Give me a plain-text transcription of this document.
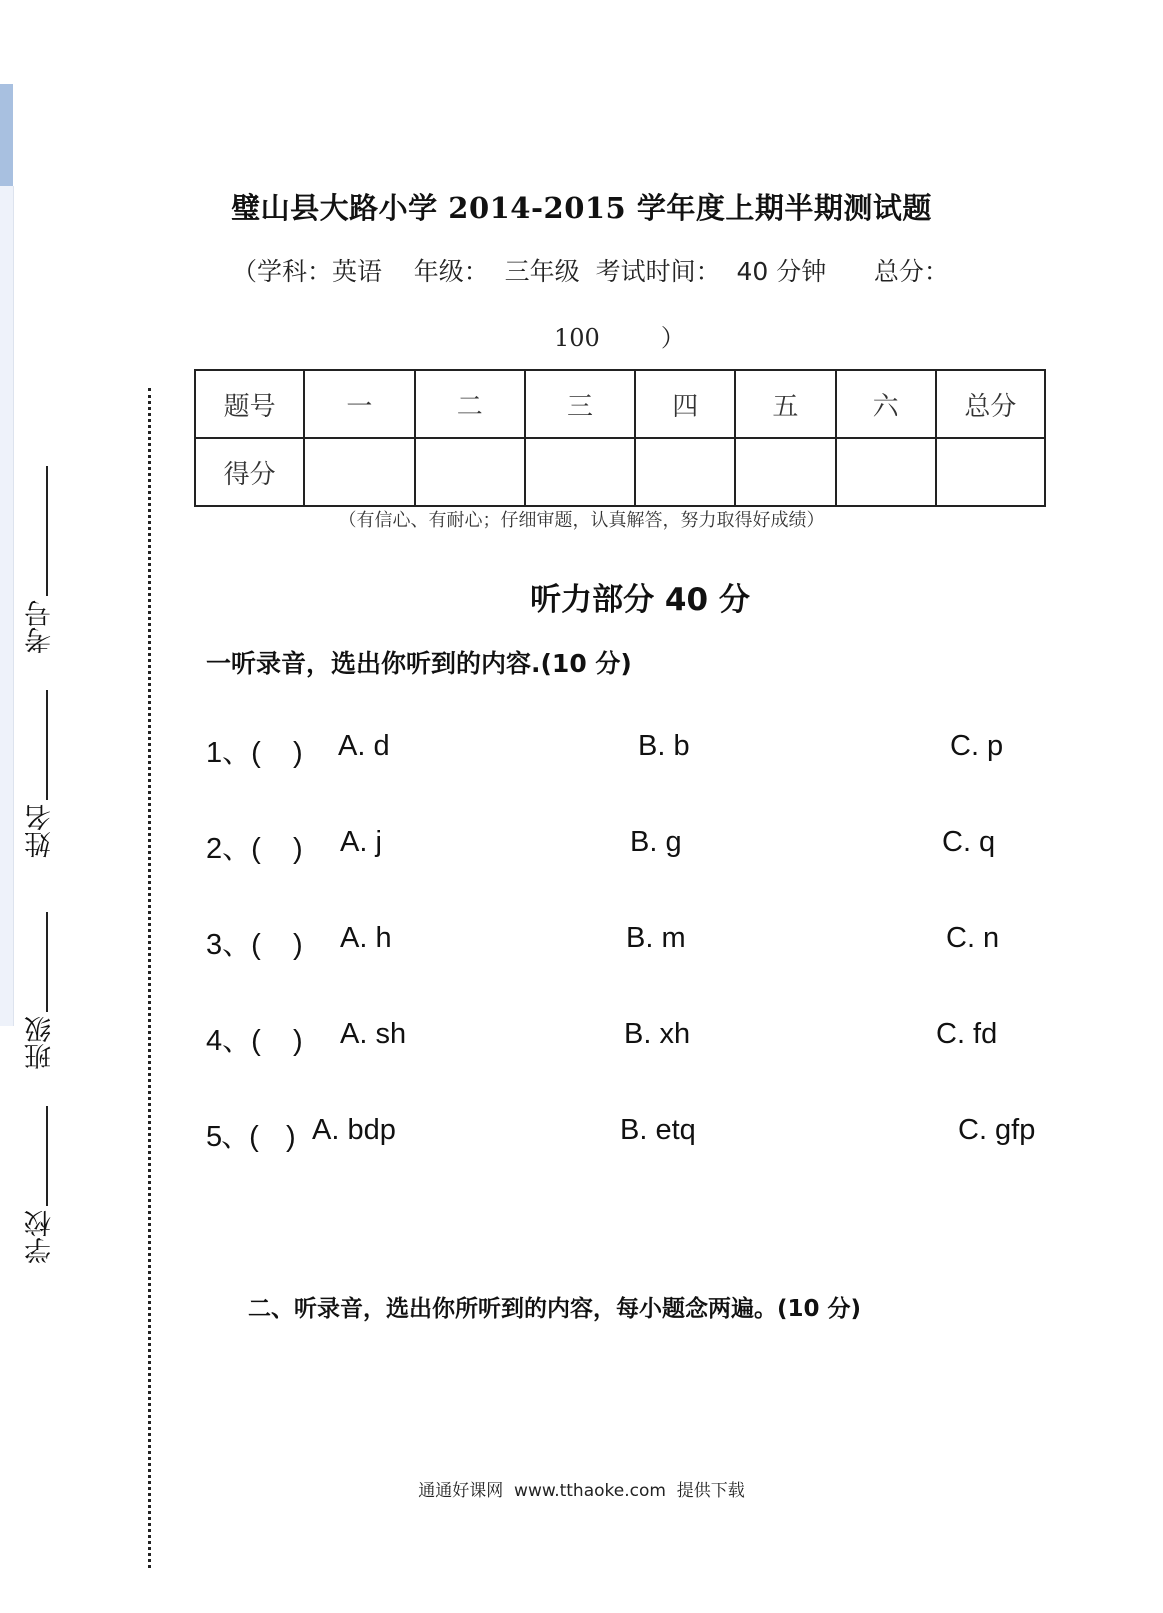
考号
姓名
班级
学校
璧山县大路小学 2014-2015 学年度上期半期测试题
（学科：英语    年级：  三年级  考试时间：  40 分钟      总分：
100        ）
题号	一	二	三	四	五	六	总分
得分							
（有信心、有耐心；仔细审题，认真解答，努力取得好成绩）
听力部分 40 分
一听录音，选出你听到的内容.(10 分)
1、(    ) A. d	B. b	C. p
2、(    ) A. j	B. g	C. q
3、(    ) A. h	B. m	C. n
4、(    ) A. sh	B. xh	C. fd
5、(    ) A. bdp	B. etq	C. gfp
二、听录音，选出你所听到的内容，每小题念两遍。(10 分)
通通好课网  www.tthaoke.com  提供下载
